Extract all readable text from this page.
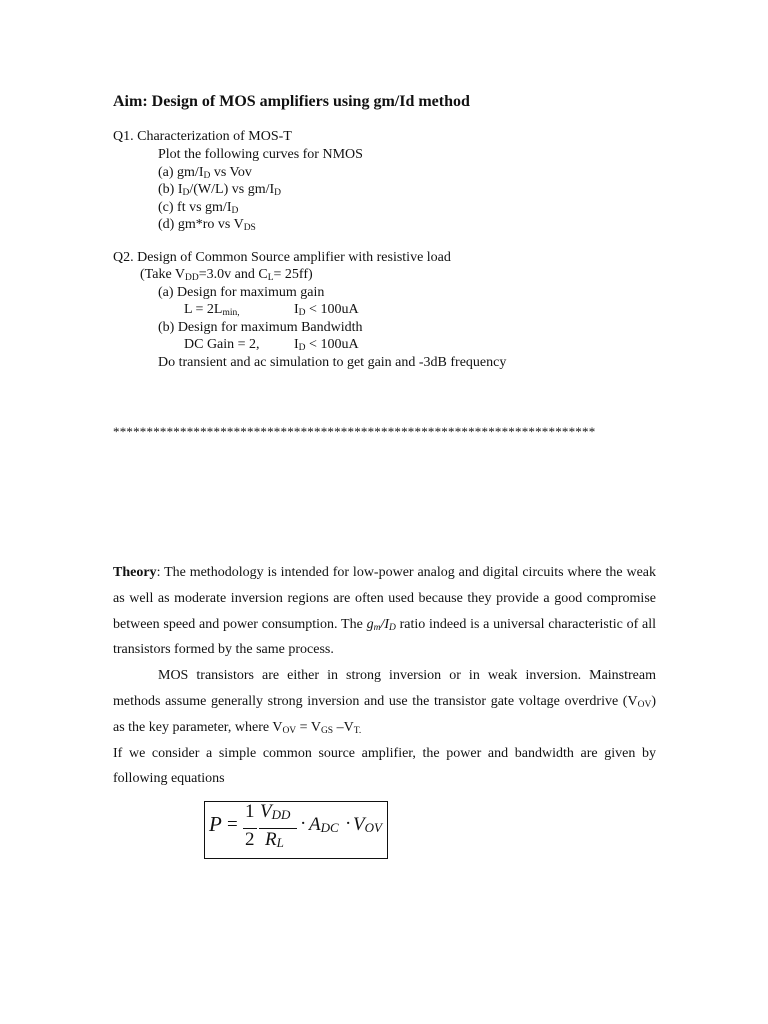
Aim: Design of MOS amplifiers using gm/Id method
Q1. Characterization of MOS-T
Plot the following curves for NMOS
(a) $gm/I_D$ vs Vov
(b) $I_D/(W/L)$ vs $gm/I_D$
(c) ft vs $gm/I_D$
(d) gm*ro vs $V_{DS}$
Q2. Design of Common Source amplifier with resistive load
(Take $V_{DD}=3.0v$ and $C_L= 25ff$)
(a) Design for maximum gain
$L = 2L_{min,}$	$I_D < 100uA$
(b) Design for maximum Bandwidth
DC Gain = 2, $I_D < 100uA$
Do transient and ac simulation to get gain and -3dB frequency
************************************************************************

Theory: The methodology is intended for low-power analog and digital circuits where the weak as well as moderate inversion regions are often used because they provide a good compromise between speed and power consumption. The $g_m/I_D$ ratio indeed is a universal characteristic of all transistors formed by the same process.

MOS transistors are either in strong inversion or in weak inversion. Mainstream methods assume generally strong inversion and use the transistor gate voltage overdrive $(V_{OV})$ as the key parameter, where $V_{OV} = V_{GS}$ $-V_{T.}$

If we consider a simple common source amplifier, the power and bandwidth are given by following equations

P =
1
2
$V_{DD}$
$R_L$
· $A_{DC} \cdot V_{OV}$
